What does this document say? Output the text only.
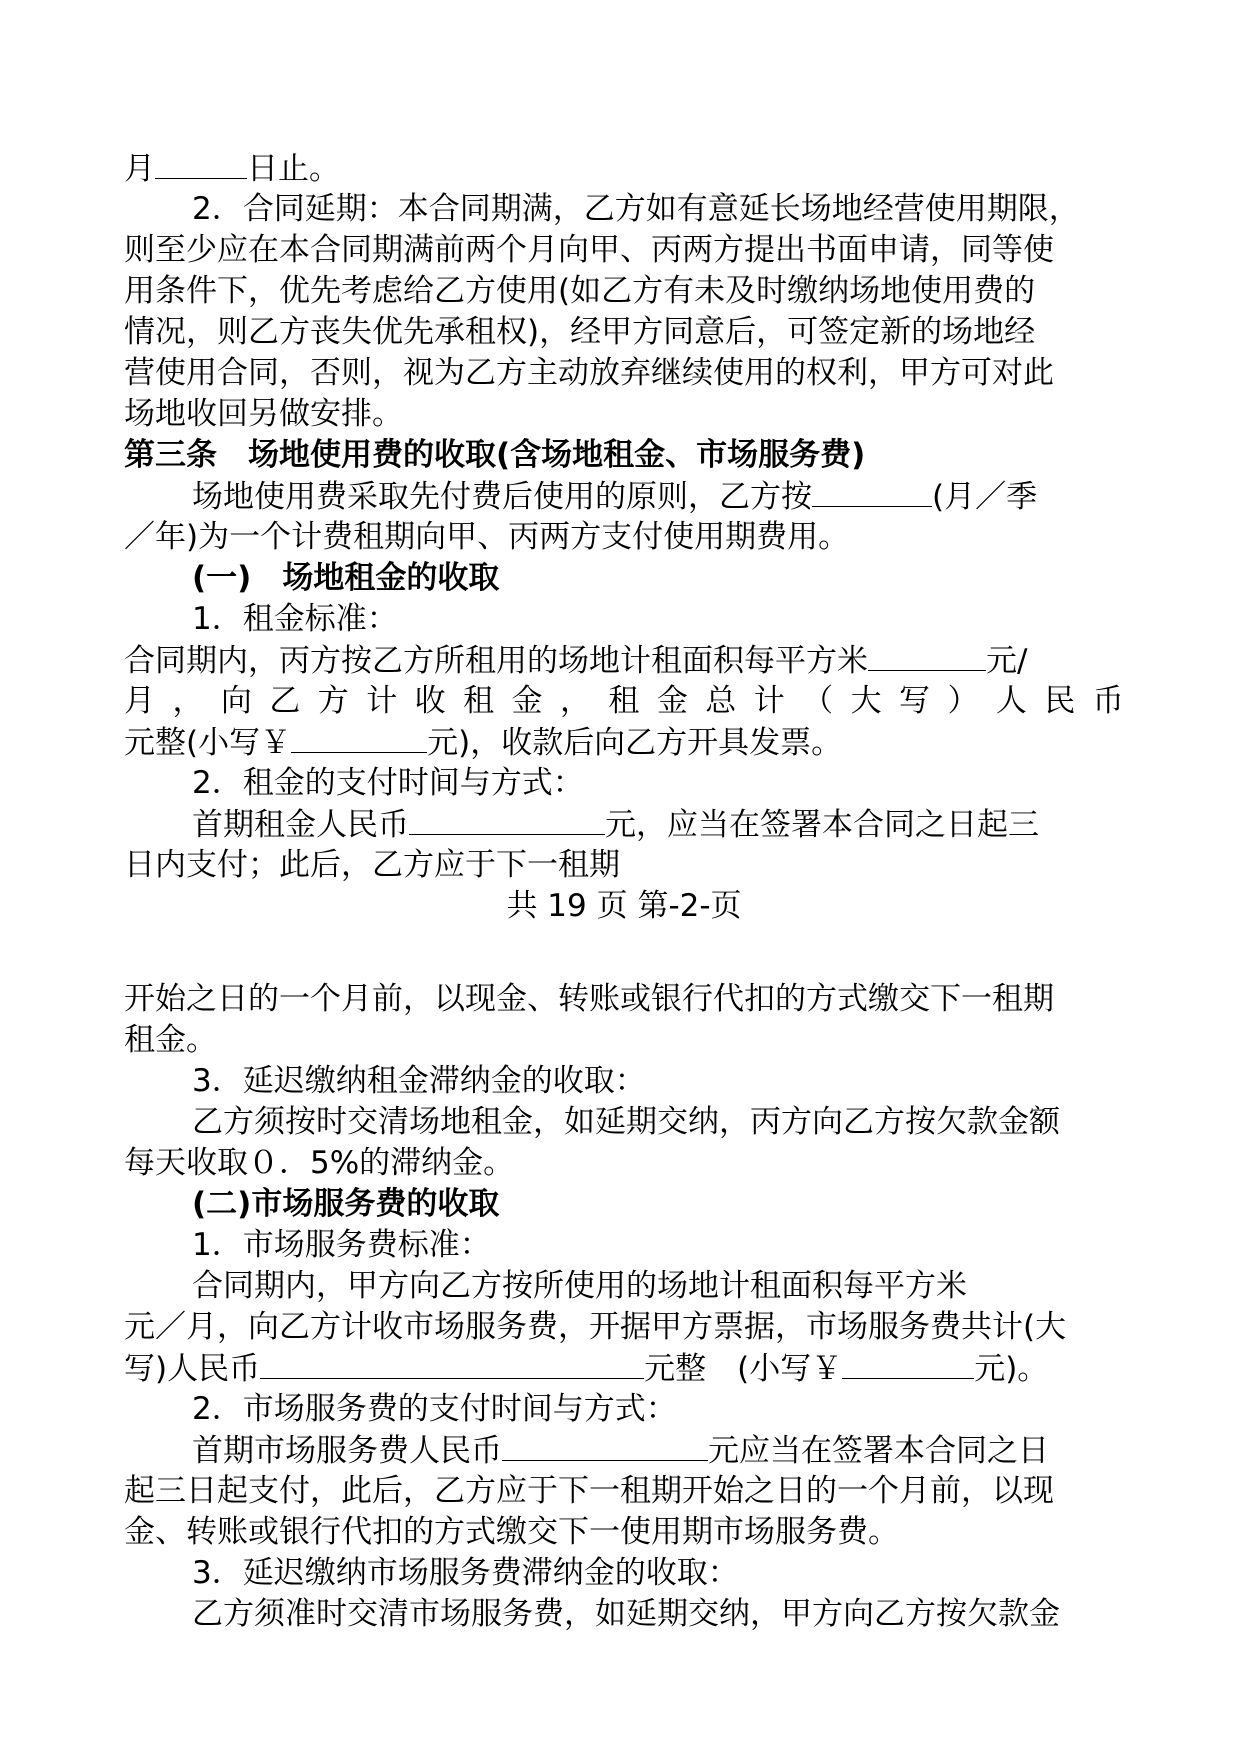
月	日止。
2．合同延期：本合同期满，乙方如有意延长场地经营使用期限，
则至少应在本合同期满前两个月向甲、丙两方提出书面申请，同等使
用条件下，优先考虑给乙方使用(如乙方有未及时缴纳场地使用费的
情况，则乙方丧失优先承租权)，经甲方同意后，可签定新的场地经
营使用合同，否则，视为乙方主动放弃继续使用的权利，甲方可对此
场地收回另做安排。
第三条　场地使用费的收取(含场地租金、市场服务费)
场地使用费采取先付费后使用的原则，乙方按	(月／季
／年)为一个计费租期向甲、丙两方支付使用期费用。
(一)　场地租金的收取
1．租金标准：
合同期内，丙方按乙方所租用的场地计租面积每平方米	元/
月 ， 向 乙 方 计 收 租 金 ， 租 金 总 计 （ 大 写 ） 人 民 币
元整(小写￥	元)，收款后向乙方开具发票。
2．租金的支付时间与方式：
首期租金人民币	元，应当在签署本合同之日起三
日内支付；此后，乙方应于下一租期
共 19 页 第-2-页
开始之日的一个月前，以现金、转账或银行代扣的方式缴交下一租期
租金。
3．延迟缴纳租金滞纳金的收取：
乙方须按时交清场地租金，如延期交纳，丙方向乙方按欠款金额
每天收取０．5%的滞纳金。
(二)市场服务费的收取
1．市场服务费标准：
合同期内，甲方向乙方按所使用的场地计租面积每平方米
元／月，向乙方计收市场服务费，开据甲方票据，市场服务费共计(大
写)人民币	元整　(小写￥	元)。
2．市场服务费的支付时间与方式：
首期市场服务费人民币	元应当在签署本合同之日
起三日起支付，此后，乙方应于下一租期开始之日的一个月前，以现
金、转账或银行代扣的方式缴交下一使用期市场服务费。
3．延迟缴纳市场服务费滞纳金的收取：
乙方须准时交清市场服务费，如延期交纳，甲方向乙方按欠款金
